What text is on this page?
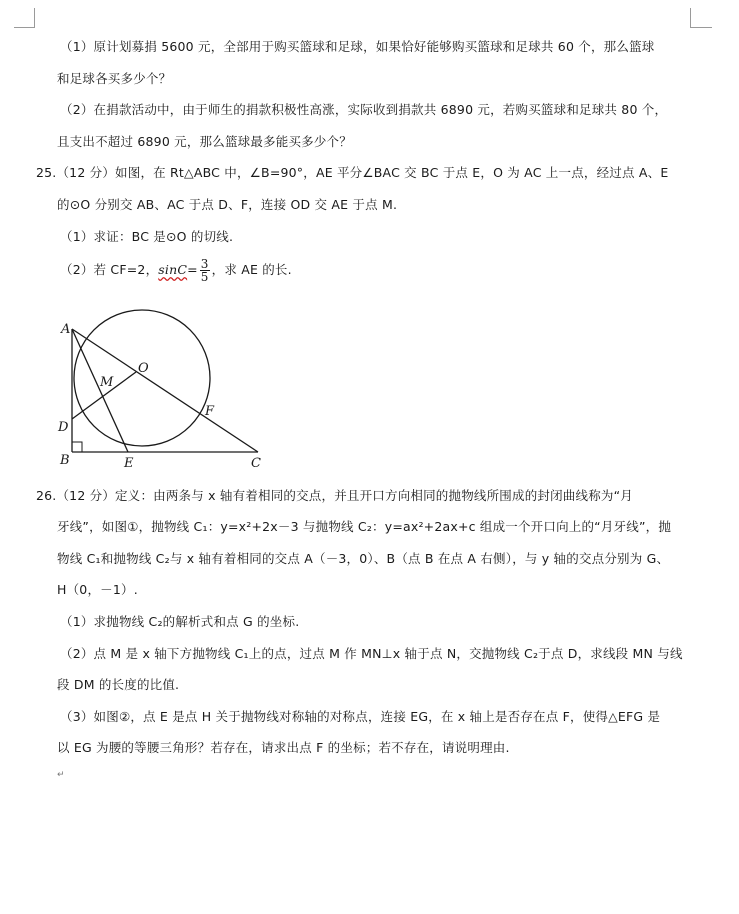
（1）原计划募捐 5600 元，全部用于购买篮球和足球，如果恰好能够购买篮球和足球共 60 个，那么篮球
和足球各买多少个？
（2）在捐款活动中，由于师生的捐款积极性高涨，实际收到捐款共 6890 元，若购买篮球和足球共 80 个，
且支出不超过 6890 元，那么篮球最多能买多少个？
25.（12 分）如图，在 Rt△ABC 中，∠B=90°，AE 平分∠BAC 交 BC 于点 E，O 为 AC 上一点，经过点 A、E
的⊙O 分别交 AB、AC 于点 D、F，连接 OD 交 AE 于点 M.
（1）求证：BC 是⊙O 的切线.
（2）若 CF=2，$\sin C= \frac{3}{5}$ ，求 AE 的长.
A
O
M
F
D
B	E	C
26.（12 分）定义：由两条与 x 轴有着相同的交点，并且开口方向相同的抛物线所围成的封闭曲线称为“月
牙线”，如图①，抛物线 C₁：y=x²+2x－3 与抛物线 C₂：y=ax²+2ax+c 组成一个开口向上的“月牙线”，抛
物线 C₁和抛物线 C₂与 x 轴有着相同的交点 A（－3，0）、B（点 B 在点 A 右侧），与 y 轴的交点分别为 G、
H（0，－1）.
（1）求抛物线 C₂的解析式和点 G 的坐标.
（2）点 M 是 x 轴下方抛物线 C₁上的点，过点 M 作 MN⊥x 轴于点 N，交抛物线 C₂于点 D，求线段 MN 与线
段 DM 的长度的比值.
（3）如图②，点 E 是点 H 关于抛物线对称轴的对称点，连接 EG，在 x 轴上是否存在点 F，使得△EFG 是
以 EG 为腰的等腰三角形？若存在，请求出点 F 的坐标；若不存在，请说明理由.
↵
